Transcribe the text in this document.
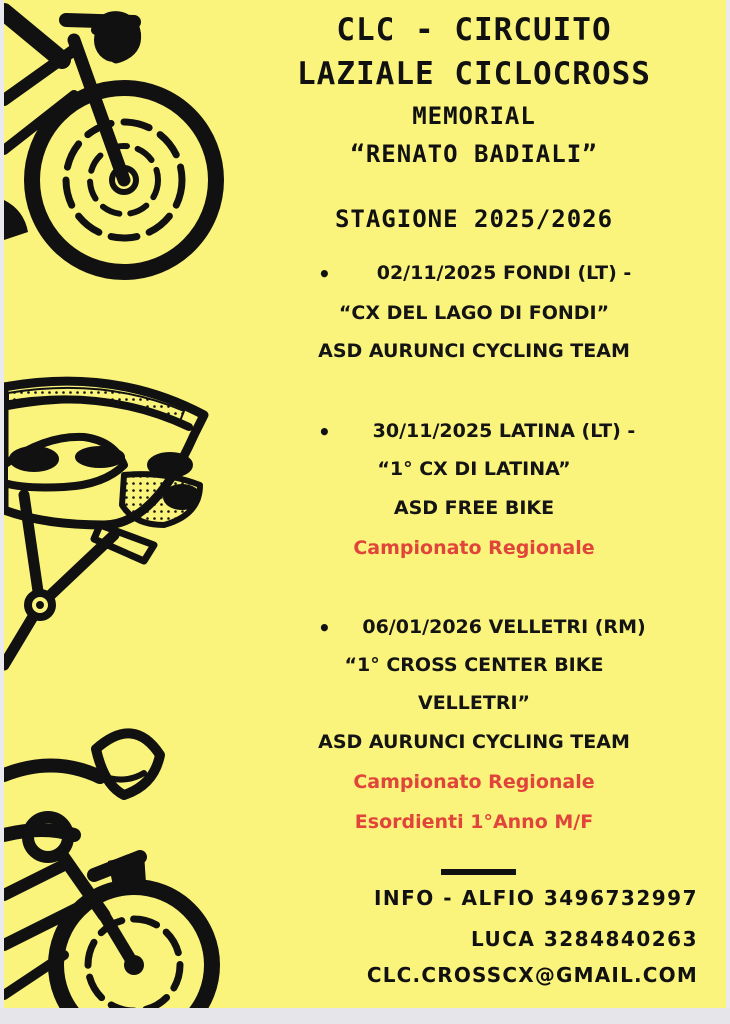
CLC - CIRCUITO
LAZIALE CICLOCROSS
MEMORIAL
“RENATO BADIALI”
STAGIONE 2025/2026
•	02/11/2025 FONDI (LT) -
“CX DEL LAGO DI FONDI”
ASD AURUNCI CYCLING TEAM
•	30/11/2025 LATINA (LT) -
“1° CX DI LATINA”
ASD FREE BIKE
Campionato Regionale
•	06/01/2026 VELLETRI (RM)
“1° CROSS CENTER BIKE
VELLETRI”
ASD AURUNCI CYCLING TEAM
Campionato Regionale
Esordienti 1°Anno M/F
INFO - ALFIO 3496732997
LUCA 3284840263
CLC.CROSSCX@GMAIL.COM
